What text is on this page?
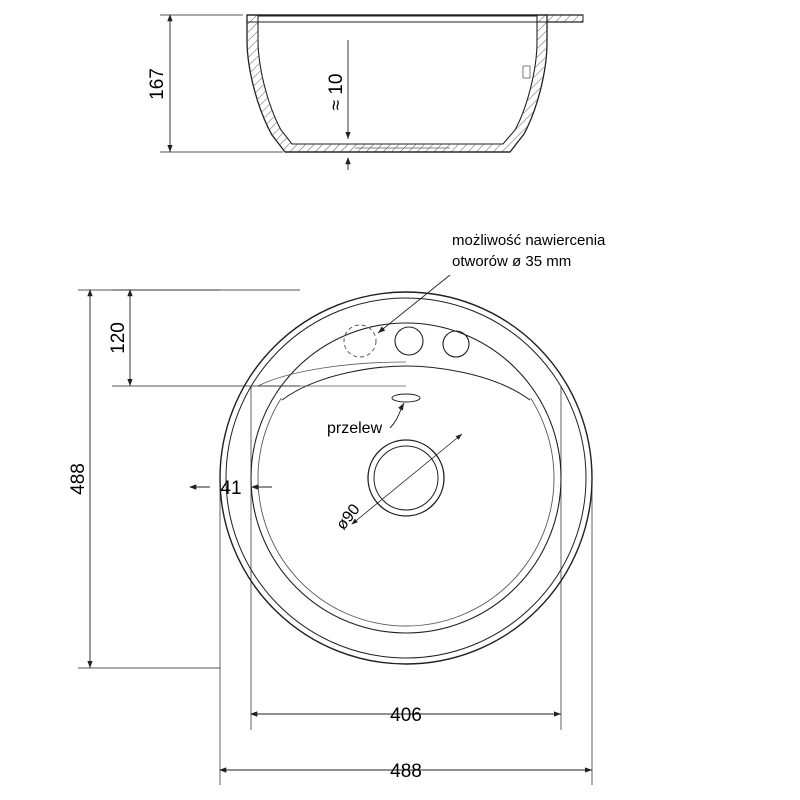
167	≈ 10
ø90
możliwość nawiercenia
otworów ø 35 mm
przelew
120
488	41
406
488
